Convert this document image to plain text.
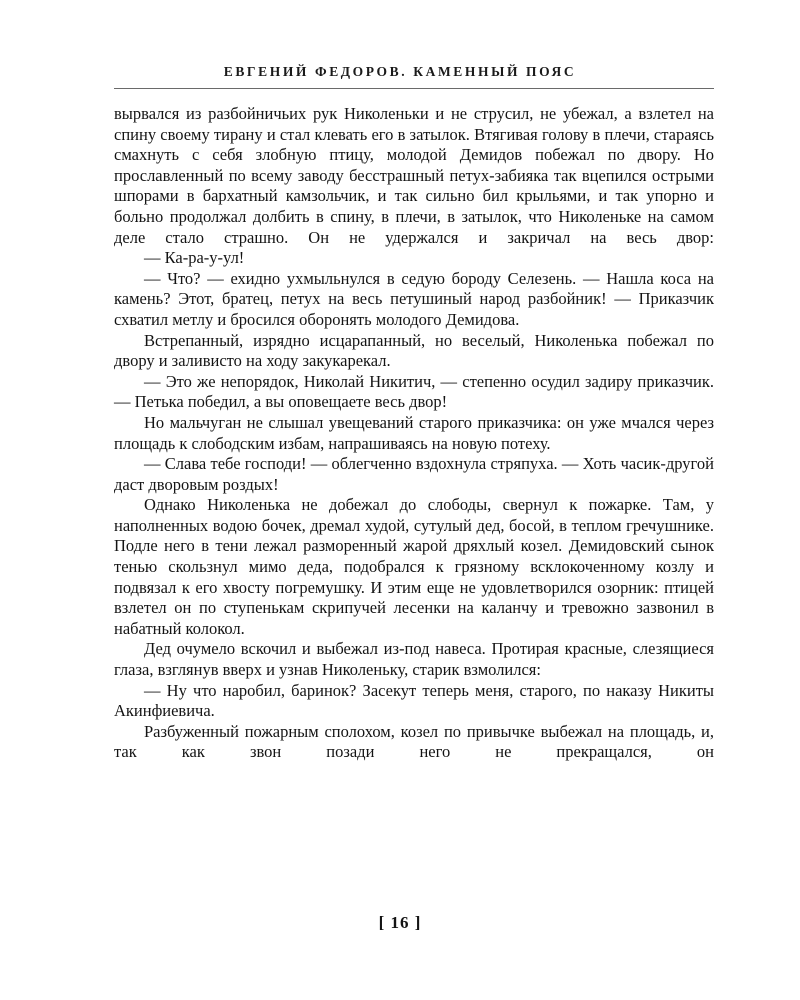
ЕВГЕНИЙ ФЕДОРОВ. КАМЕННЫЙ ПОЯС

вырвался из разбойничьих рук Николеньки и не струсил, не убежал, а взлетел на спину своему тирану и стал клевать его в затылок. Втягивая голову в плечи, стараясь смахнуть с себя злобную птицу, молодой Демидов побежал по двору. Но прославленный по всему заводу бесстрашный петух-забияка так вцепился острыми шпорами в бархатный камзольчик, и так сильно бил крыльями, и так упорно и больно продолжал долбить в спину, в плечи, в затылок, что Николеньке на самом деле стало страшно. Он не удержался и закричал на весь двор:

— Ка-ра-у-ул!

— Что? — ехидно ухмыльнулся в седую бороду Селезень. — Нашла коса на камень? Этот, братец, петух на весь петушиный народ разбойник! — Приказчик схватил метлу и бросился оборонять молодого Демидова.

Встрепанный, изрядно исцарапанный, но веселый, Николенька побежал по двору и заливисто на ходу закукарекал.

— Это же непорядок, Николай Никитич, — степенно осудил задиру приказчик. — Петька победил, а вы оповещаете весь двор!

Но мальчуган не слышал увещеваний старого приказчика: он уже мчался через площадь к слободским избам, напрашиваясь на новую потеху.

— Слава тебе господи! — облегченно вздохнула стряпуха. — Хоть часик-другой даст дворовым роздых!

Однако Николенька не добежал до слободы, свернул к пожарке. Там, у наполненных водою бочек, дремал худой, сутулый дед, босой, в теплом гречушнике. Подле него в тени лежал разморенный жарой дряхлый козел. Демидовский сынок тенью скользнул мимо деда, подобрался к грязному всклокоченному козлу и подвязал к его хвосту погремушку. И этим еще не удовлетворился озорник: птицей взлетел он по ступенькам скрипучей лесенки на каланчу и тревожно зазвонил в набатный колокол.

Дед очумело вскочил и выбежал из-под навеса. Протирая красные, слезящиеся глаза, взглянув вверх и узнав Николеньку, старик взмолился:

— Ну что наробил, баринок? Засекут теперь меня, старого, по наказу Никиты Акинфиевича.

Разбуженный пожарным сполохом, козел по привычке выбежал на площадь, и, так как звон позади него не прекращался, он

[ 16 ]
